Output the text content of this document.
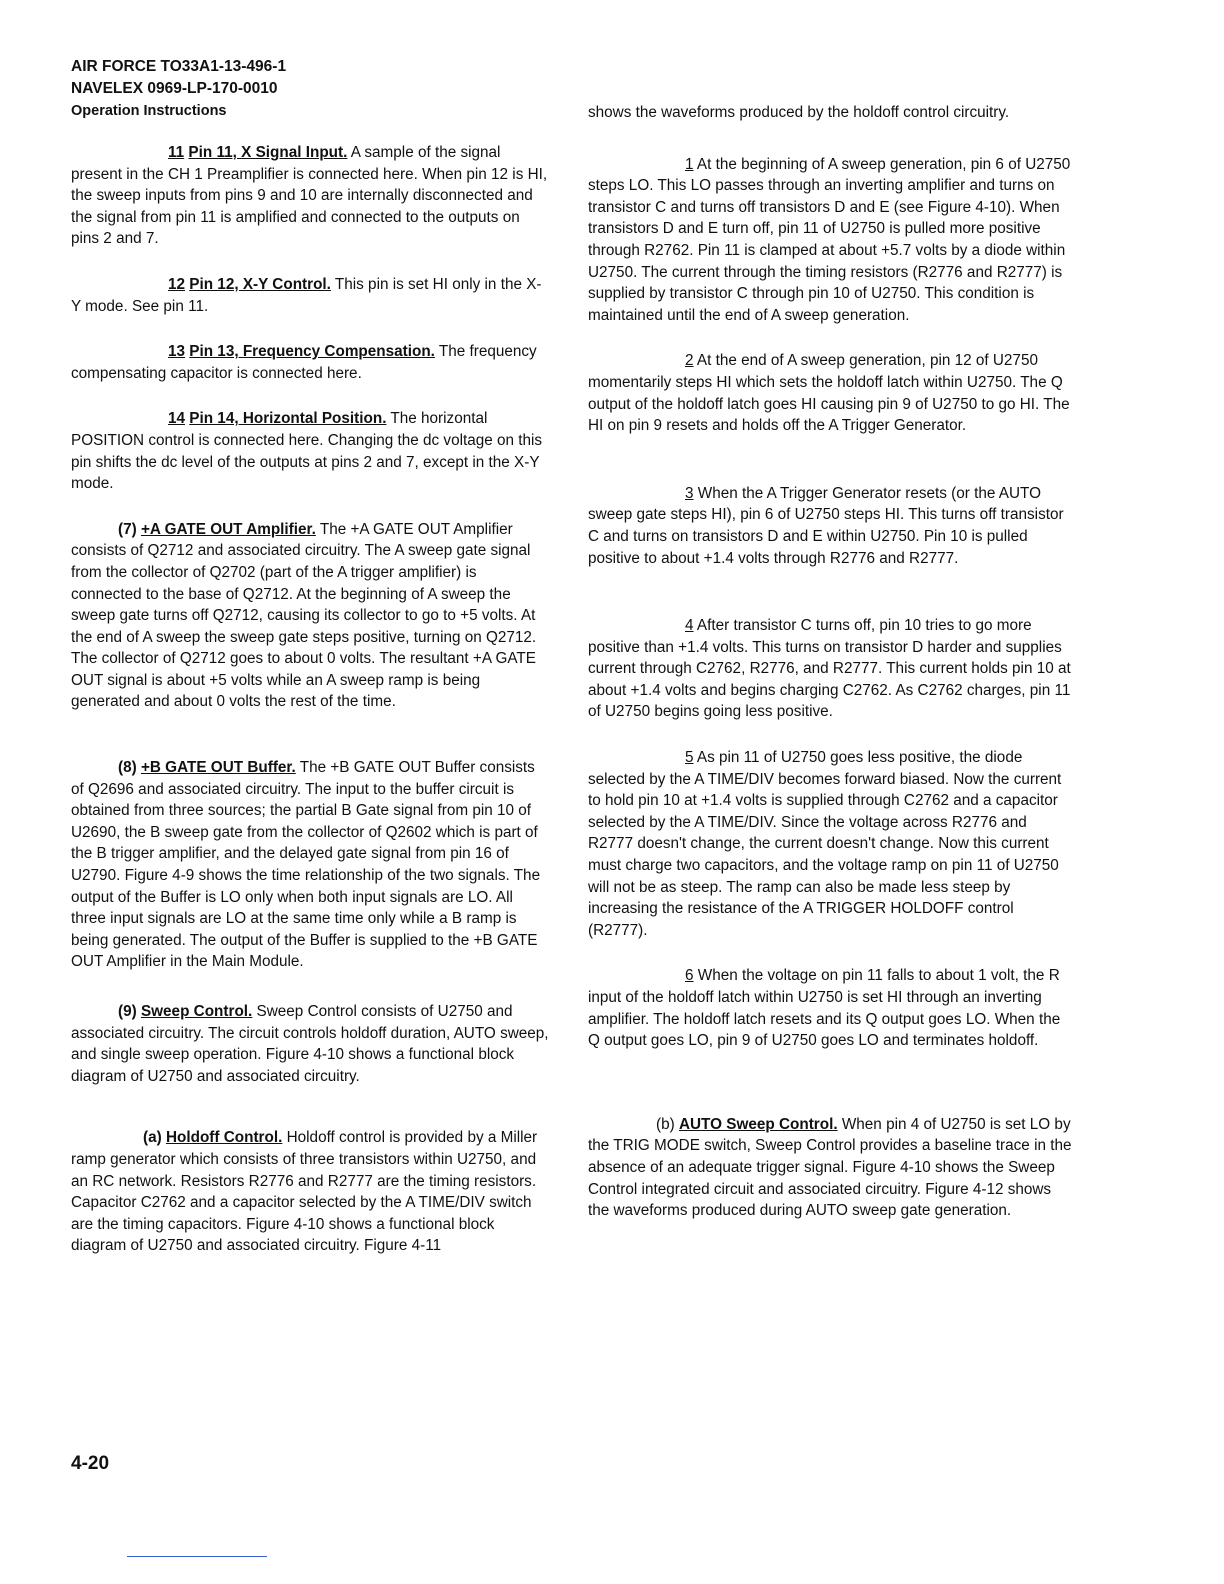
AIR FORCE TO33A1-13-496-1
NAVELEX 0969-LP-170-0010
Operation Instructions

11 Pin 11, X Signal Input. A sample of the signal present in the CH 1 Preamplifier is connected here. When pin 12 is HI, the sweep inputs from pins 9 and 10 are internally disconnected and the signal from pin 11 is amplified and connected to the outputs on pins 2 and 7.

12 Pin 12, X-Y Control. This pin is set HI only in the X-Y mode. See pin 11.

13 Pin 13, Frequency Compensation. The frequency compensating capacitor is connected here.

14 Pin 14, Horizontal Position. The horizontal POSITION control is connected here. Changing the dc voltage on this pin shifts the dc level of the outputs at pins 2 and 7, except in the X-Y mode.

(7) +A GATE OUT Amplifier. The +A GATE OUT Amplifier consists of Q2712 and associated circuitry. The A sweep gate signal from the collector of Q2702 (part of the A trigger amplifier) is connected to the base of Q2712. At the beginning of A sweep the sweep gate turns off Q2712, causing its collector to go to +5 volts. At the end of A sweep the sweep gate steps positive, turning on Q2712. The collector of Q2712 goes to about 0 volts. The resultant +A GATE OUT signal is about +5 volts while an A sweep ramp is being generated and about 0 volts the rest of the time.

(8) +B GATE OUT Buffer. The +B GATE OUT Buffer consists of Q2696 and associated circuitry. The input to the buffer circuit is obtained from three sources; the partial B Gate signal from pin 10 of U2690, the B sweep gate from the collector of Q2602 which is part of the B trigger amplifier, and the delayed gate signal from pin 16 of U2790. Figure 4-9 shows the time relationship of the two signals. The output of the Buffer is LO only when both input signals are LO. All three input signals are LO at the same time only while a B ramp is being generated. The output of the Buffer is supplied to the +B GATE OUT Amplifier in the Main Module.

(9) Sweep Control. Sweep Control consists of U2750 and associated circuitry. The circuit controls holdoff duration, AUTO sweep, and single sweep operation. Figure 4-10 shows a functional block diagram of U2750 and associated circuitry.

(a) Holdoff Control. Holdoff control is provided by a Miller ramp generator which consists of three transistors within U2750, and an RC network. Resistors R2776 and R2777 are the timing resistors. Capacitor C2762 and a capacitor selected by the A TIME/DIV switch are the timing capacitors. Figure 4-10 shows a functional block diagram of U2750 and associated circuitry. Figure 4-11

shows the waveforms produced by the holdoff control circuitry.

1 At the beginning of A sweep generation, pin 6 of U2750 steps LO. This LO passes through an inverting amplifier and turns on transistor C and turns off transistors D and E (see Figure 4-10). When transistors D and E turn off, pin 11 of U2750 is pulled more positive through R2762. Pin 11 is clamped at about +5.7 volts by a diode within U2750. The current through the timing resistors (R2776 and R2777) is supplied by transistor C through pin 10 of U2750. This condition is maintained until the end of A sweep generation.

2 At the end of A sweep generation, pin 12 of U2750 momentarily steps HI which sets the holdoff latch within U2750. The Q output of the holdoff latch goes HI causing pin 9 of U2750 to go HI. The HI on pin 9 resets and holds off the A Trigger Generator.

3 When the A Trigger Generator resets (or the AUTO sweep gate steps HI), pin 6 of U2750 steps HI. This turns off transistor C and turns on transistors D and E within U2750. Pin 10 is pulled positive to about +1.4 volts through R2776 and R2777.

4 After transistor C turns off, pin 10 tries to go more positive than +1.4 volts. This turns on transistor D harder and supplies current through C2762, R2776, and R2777. This current holds pin 10 at about +1.4 volts and begins charging C2762. As C2762 charges, pin 11 of U2750 begins going less positive.

5 As pin 11 of U2750 goes less positive, the diode selected by the A TIME/DIV becomes forward biased. Now the current to hold pin 10 at +1.4 volts is supplied through C2762 and a capacitor selected by the A TIME/DIV. Since the voltage across R2776 and R2777 doesn't change, the current doesn't change. Now this current must charge two capacitors, and the voltage ramp on pin 11 of U2750 will not be as steep. The ramp can also be made less steep by increasing the resistance of the A TRIGGER HOLDOFF control (R2777).

6 When the voltage on pin 11 falls to about 1 volt, the R input of the holdoff latch within U2750 is set HI through an inverting amplifier. The holdoff latch resets and its Q output goes LO. When the Q output goes LO, pin 9 of U2750 goes LO and terminates holdoff.

(b) AUTO Sweep Control. When pin 4 of U2750 is set LO by the TRIG MODE switch, Sweep Control provides a baseline trace in the absence of an adequate trigger signal. Figure 4-10 shows the Sweep Control integrated circuit and associated circuitry. Figure 4-12 shows the waveforms produced during AUTO sweep gate generation.

4-20
